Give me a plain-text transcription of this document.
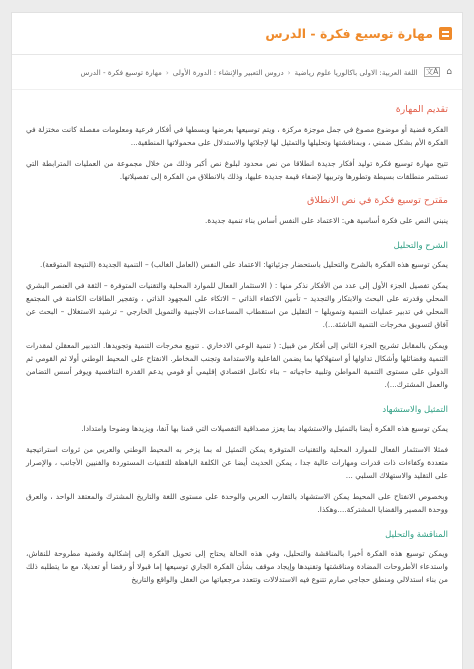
مهارة توسيع فكرة - الدرس
⌂
文A
اللغة العربية: الاولى باكالوريا علوم رياضية
‹
دروس التعبير والإنشاء : الدورة الأولى
‹
مهارة توسيع فكرة - الدرس
تقديم المهارة

الفكرة قضية أو موضوع مصوغ في جمل موجزة مركزة ، ويتم توسيعها بعرضها وبسطها في أفكار فرعية ومعلومات مفصلة كانت مختزلة في الفكرة الأم بشكل ضمني ، وبمناقشتها وتحليلها والتمثيل لها لإجلائها والاستدلال على محمولاتها المنطقية...

تتيح مهارة توسيع فكرة توليد أفكار جديدة انطلاقا من نص محدود لبلوغ نص أكبر وذلك من خلال مجموعة من العمليات المترابطة التي تستثمر منطلقات بسيطة وتطورها وتربيها لإضفاء قيمة جديدة عليها، وذلك بالانطلاق من الفكرة إلى تفصيلاتها.

مقترح توسيع فكرة في نص الانطلاق

ينبني النص على فكرة أساسية هي: الاعتماد على النفس أساس بناء تنمية جديدة.

الشرح والتحليل

يمكن توسيع هذه الفكرة بالشرح والتحليل باستحضار جزئياتها: الاعتماد على النفس (العامل الغالب) – التنمية الجديدة (النتيجة المتوقعة).

يمكن تفصيل الجزء الأول إلى عدد من الأفكار نذكر منها : ( الاستثمار الفعال للموارد المحلية والتقنيات المتوفرة – الثقة في العنصر البشري المحلي وقدرته على البحث والابتكار والتجديد – تأمين الاكتفاء الذاتي – الاتكاء على المجهود الذاتي ، وتفجير الطاقات الكامنة في المجتمع المحلي في تدبير عمليات التنمية وتمويلها – التقليل من استقطاب المساعدات الأجنبية والتمويل الخارجي – ترشيد الاستغلال – البحث عن آفاق لتسويق مخرجات التنمية الناشئة...).

ويمكن بالمقابل تشريح الجزء الثاني إلى أفكار من قبيل: ( تنمية الوعي الادخاري . تنويع مخرجات التنمية وتجويدها. التدبير المعقلن لمقدرات التنمية وفضائلها وأشكال تداولها أو استهلاكها بما يضمن الفاعلية والاستدامة وتجنب المخاطر. الانفتاح على المحيط الوطني أولا ثم القومي ثم الدولي على مستوى التنمية المواطن وتلبية حاجياته – بناء تكامل اقتصادي إقليمي أو قومي يدعم القدرة التنافسية ويوفر أسس التضامن والعمل المشترك...).

التمثيل والاستشهاد

يمكن توسيع هذه الفكرة أيضا بالتمثيل والاستشهاد بما يعزز مصداقية التفصيلات التي قمنا بها آنفا، ويزيدها وضوحا وامتدادا.

فمثلا الاستثمار الفعال للموارد المحلية والتقنيات المتوفرة يمكن التمثيل له بما يزخر به المحيط الوطني والعربي من ثروات استراتيجية متعددة وكفاءات ذات قدرات ومهارات عالية جدا ، يمكن الحديث أيضا عن الكلفة الباهظة للتقنيات المستوردة والفنيين الأجانب ، والإصرار على التقليد والاستهلاك السلبي ...

وبخصوص الانفتاح على المحيط يمكن الاستشهاد بالتقارب العربي والوحدة على مستوى اللغة والتاريخ المشترك والمعتقد الواحد ، والعرق ووحدة المصير والقضايا المشتركة....وهكذا.

المناقشة والتحليل

ويمكن توسيع هذه الفكرة أخيرا بالمناقشة والتحليل، وفي هذه الحالة يحتاج إلى تحويل الفكرة إلى إشكالية وقضية مطروحة للنقاش، واستدعاء الأطروحات المضادة ومناقشتها وتفنيدها وإيجاد موقف بشأن الفكرة الجاري توسيعها إما قبولا أو رفضا أو تعديلا، مع ما يتطلبه ذلك من بناء استدلالي ومنطق حجاجي صارم تتنوع فيه الاستدلالات وتتعدد مرجعياتها من العقل والواقع والتاريخ
